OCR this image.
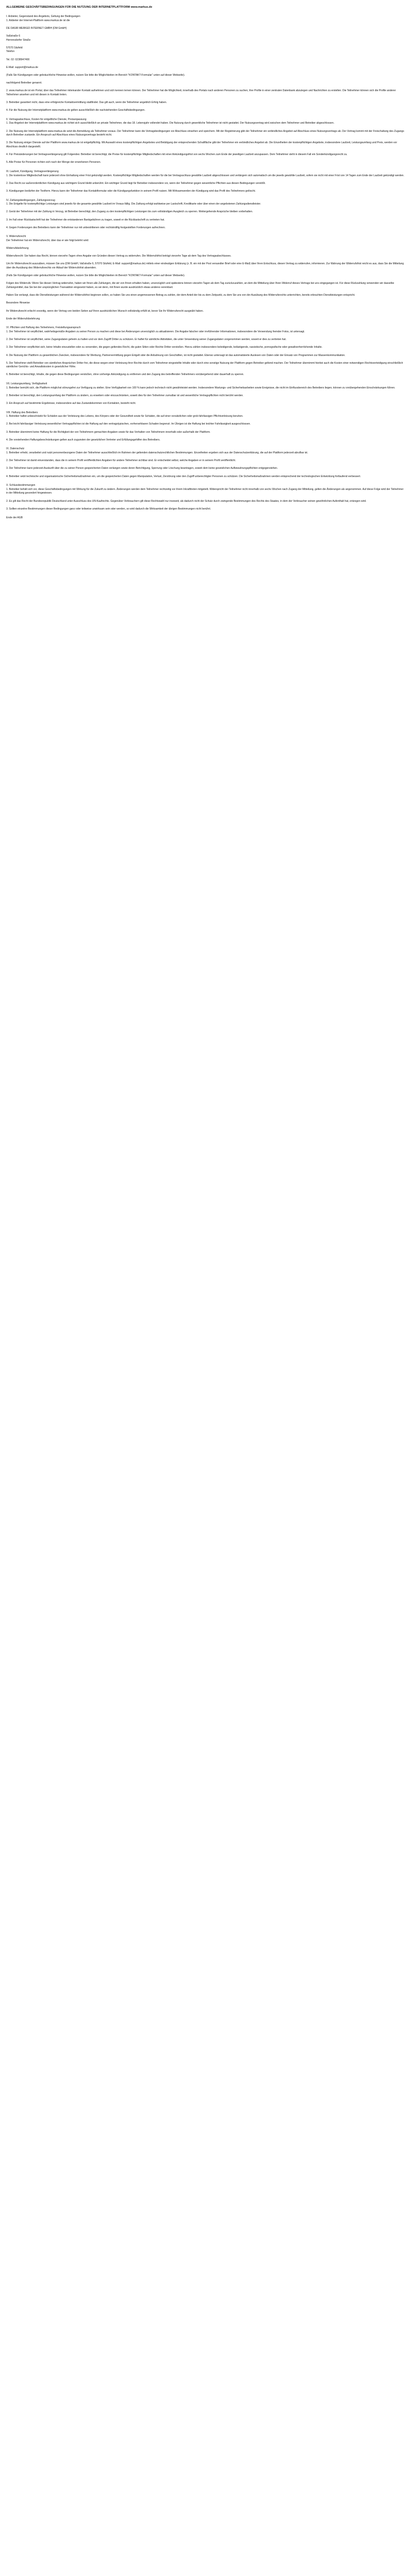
ALLGEMEINE GESCHÄFTSBEDINGUNGEN FÜR DIE NUTZUNG DER INTERNETPLATTFORM www.markus.de
I. Anbieter, Gegenstand des Angebots, Geltung der Bedingungen
1. Anbieter der Internet-Plattform www.markus.de ist die
DE DASIR MERKED INTERNET GMBH (DM GmbH)

Vaßstraße 6
Herrensdorfer Straße

57070 Sitzfeld
Telefon

Tel. 02: 0238947400

E-Mail: support@markus.de
(Falls Sie Kündigungen oder gebräuchliche Hinweise wollen, nutzen Sie bitte die Möglichkeiten im Bereich "KONTAKT-Formular" unten auf dieser Webseite).
nachfolgend Betreiber genannt.
2. www.markus.de ist ein Portal, über das Teilnehmer miteinander Kontakt aufnehmen und sich kennen lernen können. Der Teilnehmer hat die Möglichkeit, innerhalb des Portals nach anderen Personen zu suchen, ihre Profile in einer zentralen Datenbank abzulegen und Nachrichten zu erstellen. Die Teilnehmer können sich die Profile anderer Teilnehmer ansehen und mit diesen in Kontakt treten.
3. Betreiber garantiert nicht, dass eine erfolgreiche Kontaktvermittlung stattfindet. Das gilt auch, wenn die Teilnehmer angeblich Erfolg haben.
4. Für die Nutzung der Internetplattform www.markus.de gelten ausschließlich die nachstehenden Geschäftsbedingungen.
II. Vertragsabschluss, Kosten für entgeltliche Dienste, Preisanpassung
1. Das Angebot der Internetplattform www.markus.de richtet sich ausschließlich an private Teilnehmer, die das 18. Lebensjahr vollendet haben. Die Nutzung durch gewerbliche Teilnehmer ist nicht gestattet. Der Nutzungsvertrag wird zwischen dem Teilnehmer und Betreiber abgeschlossen.
2. Die Nutzung der Internetplattform www.markus.de setzt die Anmeldung als Teilnehmer voraus. Der Teilnehmer kann die Vertragsbedingungen vor Abschluss einsehen und speichern. Mit der Registrierung gibt der Teilnehmer ein verbindliches Angebot auf Abschluss eines Nutzungsvertrags ab. Der Vertrag kommt mit der Freischaltung des Zugangs durch Betreiber zustande. Ein Anspruch auf Abschluss eines Nutzungsvertrags besteht nicht.
3. Die Nutzung einiger Dienste auf der Plattform www.markus.de ist entgeltpflichtig. Mit Auswahl eines kostenpflichtigen Angebotes und Betätigung der entsprechenden Schaltfläche gibt der Teilnehmer ein verbindliches Angebot ab. Die Einzelheiten der kostenpflichtigen Angebote, insbesondere Laufzeit, Leistungsumfang und Preis, werden vor Abschluss deutlich dargestellt.
4. Für Preisänderungen bei Vertragsverlängerung gilt Folgendes: Betreiber ist berechtigt, die Preise für kostenpflichtige Mitgliedschaften mit einer Ankündigungsfrist von sechs Wochen zum Ende der jeweiligen Laufzeit anzupassen. Dem Teilnehmer steht in diesem Fall ein Sonderkündigungsrecht zu.
5. Alle Preise für Personen richten sich nach der Menge der erworbenen Personen.
III. Laufzeit, Kündigung, Vertragsverlängerung
1. Die kostenlose Mitgliedschaft kann jederzeit ohne Einhaltung einer Frist gekündigt werden. Kostenpflichtige Mitgliedschaften werden für die bei Vertragsschluss gewählte Laufzeit abgeschlossen und verlängern sich automatisch um die jeweils gewählte Laufzeit, sofern sie nicht mit einer Frist von 14 Tagen zum Ende der Laufzeit gekündigt werden.
2. Das Recht zur außerordentlichen Kündigung aus wichtigem Grund bleibt unberührt. Ein wichtiger Grund liegt für Betreiber insbesondere vor, wenn der Teilnehmer gegen wesentliche Pflichten aus diesen Bedingungen verstößt.
3. Kündigungen bedürfen der Textform. Hierzu kann der Teilnehmer das Kontaktformular oder die Kündigungsfunktion in seinem Profil nutzen. Mit Wirksamwerden der Kündigung wird das Profil des Teilnehmers gelöscht.
IV. Zahlungsbedingungen, Zahlungsverzug
1. Die Entgelte für kostenpflichtige Leistungen sind jeweils für die gesamte gewählte Laufzeit im Voraus fällig. Die Zahlung erfolgt wahlweise per Lastschrift, Kreditkarte oder über einen der angebotenen Zahlungsdienstleister.
2. Gerät der Teilnehmer mit der Zahlung in Verzug, ist Betreiber berechtigt, den Zugang zu den kostenpflichtigen Leistungen bis zum vollständigen Ausgleich zu sperren. Weitergehende Ansprüche bleiben vorbehalten.
3. Im Fall einer Rücklastschrift hat der Teilnehmer die entstandenen Bankgebühren zu tragen, soweit er die Rücklastschrift zu vertreten hat.
4. Gegen Forderungen des Betreibers kann der Teilnehmer nur mit unbestrittenen oder rechtskräftig festgestellten Forderungen aufrechnen.
V. Widerrufsrecht
Der Teilnehmer hat ein Widerrufsrecht, über das er wie folgt belehrt wird:
Widerrufsbelehrung
Widerrufsrecht: Sie haben das Recht, binnen vierzehn Tagen ohne Angabe von Gründen diesen Vertrag zu widerrufen. Die Widerrufsfrist beträgt vierzehn Tage ab dem Tag des Vertragsabschlusses.
Um Ihr Widerrufsrecht auszuüben, müssen Sie uns (DM GmbH, Vaßstraße 6, 57070 Sitzfeld, E-Mail: support@markus.de) mittels einer eindeutigen Erklärung (z. B. ein mit der Post versandter Brief oder eine E-Mail) über Ihren Entschluss, diesen Vertrag zu widerrufen, informieren. Zur Wahrung der Widerrufsfrist reicht es aus, dass Sie die Mitteilung über die Ausübung des Widerrufsrechts vor Ablauf der Widerrufsfrist absenden.
(Falls Sie Kündigungen oder gebräuchliche Hinweise wollen, nutzen Sie bitte die Möglichkeiten im Bereich "KONTAKT-Formular" unten auf dieser Webseite).
Folgen des Widerrufs: Wenn Sie diesen Vertrag widerrufen, haben wir Ihnen alle Zahlungen, die wir von Ihnen erhalten haben, unverzüglich und spätestens binnen vierzehn Tagen ab dem Tag zurückzuzahlen, an dem die Mitteilung über Ihren Widerruf dieses Vertrags bei uns eingegangen ist. Für diese Rückzahlung verwenden wir dasselbe Zahlungsmittel, das Sie bei der ursprünglichen Transaktion eingesetzt haben, es sei denn, mit Ihnen wurde ausdrücklich etwas anderes vereinbart.
Haben Sie verlangt, dass die Dienstleistungen während der Widerrufsfrist beginnen sollen, so haben Sie uns einen angemessenen Betrag zu zahlen, der dem Anteil der bis zu dem Zeitpunkt, zu dem Sie uns von der Ausübung des Widerrufsrechts unterrichten, bereits erbrachten Dienstleistungen entspricht.
Besondere Hinweise
Ihr Widerrufsrecht erlischt vorzeitig, wenn der Vertrag von beiden Seiten auf Ihren ausdrücklichen Wunsch vollständig erfüllt ist, bevor Sie Ihr Widerrufsrecht ausgeübt haben.
Ende der Widerrufsbelehrung
VI. Pflichten und Haftung des Teilnehmers, Freistellungsanspruch
1. Der Teilnehmer ist verpflichtet, wahrheitsgemäße Angaben zu seiner Person zu machen und diese bei Änderungen unverzüglich zu aktualisieren. Die Angabe falscher oder irreführender Informationen, insbesondere die Verwendung fremder Fotos, ist untersagt.
2. Der Teilnehmer ist verpflichtet, seine Zugangsdaten geheim zu halten und vor dem Zugriff Dritter zu schützen. Er haftet für sämtliche Aktivitäten, die unter Verwendung seiner Zugangsdaten vorgenommen werden, soweit er dies zu vertreten hat.
3. Der Teilnehmer verpflichtet sich, keine Inhalte einzustellen oder zu versenden, die gegen geltendes Recht, die guten Sitten oder Rechte Dritter verstoßen. Hierzu zählen insbesondere beleidigende, belästigende, rassistische, pornografische oder gewaltverherrlichende Inhalte.
4. Die Nutzung der Plattform zu gewerblichen Zwecken, insbesondere für Werbung, Partnervermittlung gegen Entgelt oder die Anbahnung von Geschäften, ist nicht gestattet. Ebenso untersagt ist das automatisierte Auslesen von Daten oder der Einsatz von Programmen zur Massenkommunikation.
5. Der Teilnehmer stellt Betreiber von sämtlichen Ansprüchen Dritter frei, die diese wegen einer Verletzung ihrer Rechte durch vom Teilnehmer eingestellte Inhalte oder durch eine sonstige Nutzung der Plattform gegen Betreiber geltend machen. Der Teilnehmer übernimmt hierbei auch die Kosten einer notwendigen Rechtsverteidigung einschließlich sämtlicher Gerichts- und Anwaltskosten in gesetzlicher Höhe.
6. Betreiber ist berechtigt, Inhalte, die gegen diese Bedingungen verstoßen, ohne vorherige Ankündigung zu entfernen und den Zugang des betreffenden Teilnehmers vorübergehend oder dauerhaft zu sperren.
VII. Leistungsumfang, Verfügbarkeit
1. Betreiber bemüht sich, die Plattform möglichst störungsfrei zur Verfügung zu stellen. Eine Verfügbarkeit von 100 % kann jedoch technisch nicht gewährleistet werden. Insbesondere Wartungs- und Sicherheitsarbeiten sowie Ereignisse, die nicht im Einflussbereich des Betreibers liegen, können zu vorübergehenden Einschränkungen führen.
2. Betreiber ist berechtigt, den Leistungsumfang der Plattform zu ändern, zu erweitern oder einzuschränken, soweit dies für den Teilnehmer zumutbar ist und wesentliche Vertragspflichten nicht berührt werden.
3. Ein Anspruch auf bestimmte Ergebnisse, insbesondere auf das Zustandekommen von Kontakten, besteht nicht.
VIII. Haftung des Betreibers
1. Betreiber haftet unbeschränkt für Schäden aus der Verletzung des Lebens, des Körpers oder der Gesundheit sowie für Schäden, die auf einer vorsätzlichen oder grob fahrlässigen Pflichtverletzung beruhen.
2. Bei leicht fahrlässiger Verletzung wesentlicher Vertragspflichten ist die Haftung auf den vertragstypischen, vorhersehbaren Schaden begrenzt. Im Übrigen ist die Haftung bei leichter Fahrlässigkeit ausgeschlossen.
3. Betreiber übernimmt keine Haftung für die Richtigkeit der von Teilnehmern gemachten Angaben sowie für das Verhalten von Teilnehmern innerhalb oder außerhalb der Plattform.
4. Die vorstehenden Haftungsbeschränkungen gelten auch zugunsten der gesetzlichen Vertreter und Erfüllungsgehilfen des Betreibers.
IX. Datenschutz
1. Betreiber erhebt, verarbeitet und nutzt personenbezogene Daten der Teilnehmer ausschließlich im Rahmen der geltenden datenschutzrechtlichen Bestimmungen. Einzelheiten ergeben sich aus der Datenschutzerklärung, die auf der Plattform jederzeit abrufbar ist.
2. Der Teilnehmer ist damit einverstanden, dass die in seinem Profil veröffentlichten Angaben für andere Teilnehmer sichtbar sind. Er entscheidet selbst, welche Angaben er in seinem Profil veröffentlicht.
3. Der Teilnehmer kann jederzeit Auskunft über die zu seiner Person gespeicherten Daten verlangen sowie deren Berichtigung, Sperrung oder Löschung beantragen, soweit dem keine gesetzlichen Aufbewahrungspflichten entgegenstehen.
4. Betreiber setzt technische und organisatorische Sicherheitsmaßnahmen ein, um die gespeicherten Daten gegen Manipulation, Verlust, Zerstörung oder den Zugriff unberechtigter Personen zu schützen. Die Sicherheitsmaßnahmen werden entsprechend der technologischen Entwicklung fortlaufend verbessert.
X. Schlussbestimmungen
1. Betreiber behält sich vor, diese Geschäftsbedingungen mit Wirkung für die Zukunft zu ändern. Änderungen werden dem Teilnehmer rechtzeitig vor ihrem Inkrafttreten mitgeteilt. Widerspricht der Teilnehmer nicht innerhalb von sechs Wochen nach Zugang der Mitteilung, gelten die Änderungen als angenommen. Auf diese Folge wird der Teilnehmer in der Mitteilung gesondert hingewiesen.
2. Es gilt das Recht der Bundesrepublik Deutschland unter Ausschluss des UN-Kaufrechts. Gegenüber Verbrauchern gilt diese Rechtswahl nur insoweit, als dadurch nicht der Schutz durch zwingende Bestimmungen des Rechts des Staates, in dem der Verbraucher seinen gewöhnlichen Aufenthalt hat, entzogen wird.
3. Sollten einzelne Bestimmungen dieser Bedingungen ganz oder teilweise unwirksam sein oder werden, so wird dadurch die Wirksamkeit der übrigen Bestimmungen nicht berührt.
Ende der AGB
